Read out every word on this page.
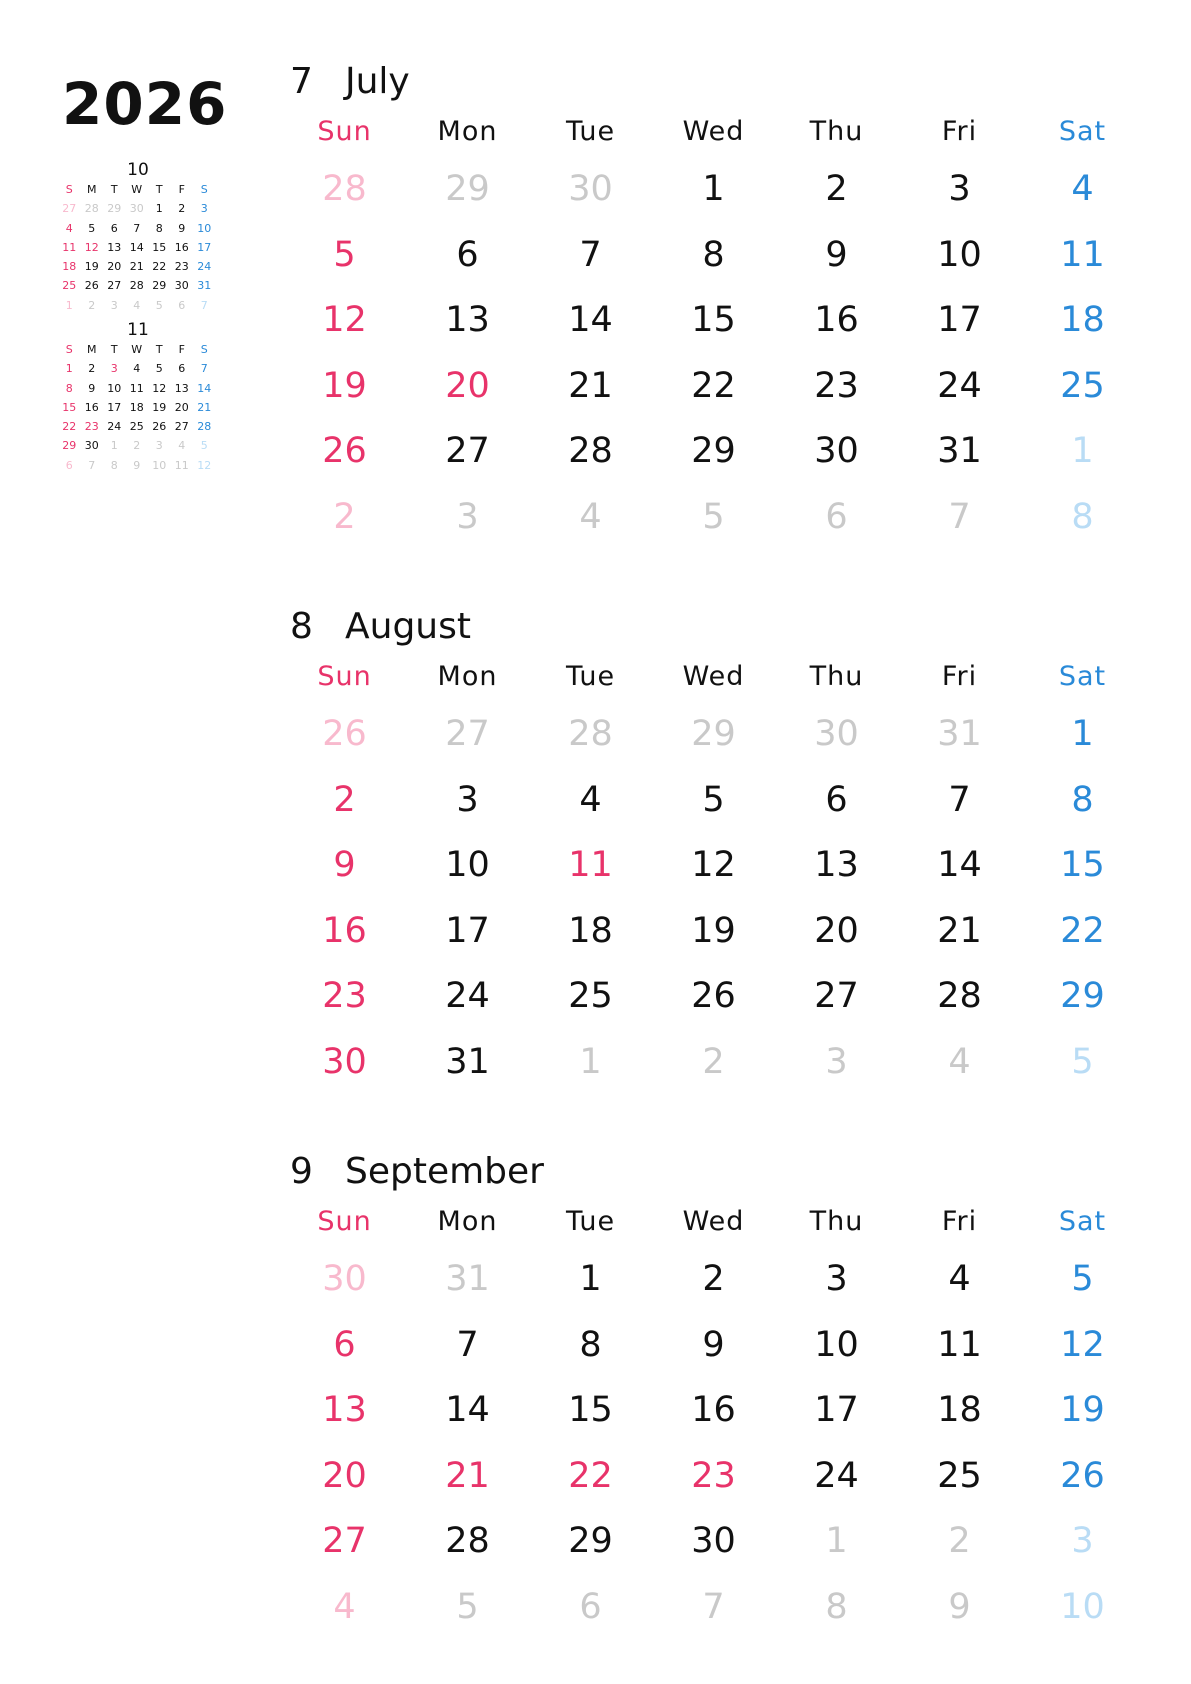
2026
10
S	M	T	W	T	F	S
27 28 29 30	1	2	3
4	5	6	7	8	9	10
11 12 13 14 15 16 17
18 19 20 21 22 23 24
25 26 27 28 29 30 31
1	2	3	4	5	6	7
11
S	M	T	W	T	F	S
1	2	3	4	5	6	7
8	9	10 11 12 13 14
15 16 17 18 19 20 21
22 23 24 25 26 27 28
29 30	1	2	3	4	5
6	7	8	9	10 11 12
7 July
Sun	Mon	Tue	Wed	Thu	Fri	Sat
28	29	30	1	2	3	4
5	6	7	8	9	10	11
12	13	14	15	16	17	18
19	20	21	22	23	24	25
26	27	28	29	30	31	1
2	3	4	5	6	7	8
8 August
Sun	Mon	Tue	Wed	Thu	Fri	Sat
26	27	28	29	30	31	1
2	3	4	5	6	7	8
9	10	11	12	13	14	15
16	17	18	19	20	21	22
23	24	25	26	27	28	29
30	31	1	2	3	4	5
9 September
Sun	Mon	Tue	Wed	Thu	Fri	Sat
30	31	1	2	3	4	5
6	7	8	9	10	11	12
13	14	15	16	17	18	19
20	21	22	23	24	25	26
27	28	29	30	1	2	3
4	5	6	7	8	9	10
